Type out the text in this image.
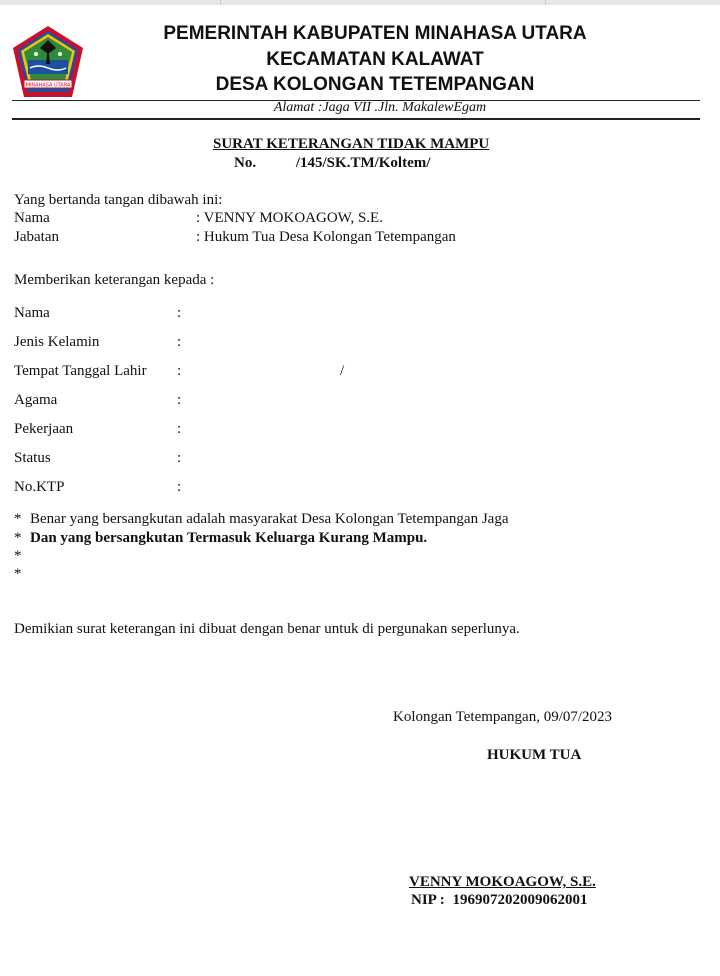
MINAHASA UTARA
PEMERINTAH KABUPATEN MINAHASA UTARA
KECAMATAN KALAWAT
DESA KOLONGAN TETEMPANGAN
Alamat :Jaga VII .Jln. MakalewEgam
SURAT KETERANGAN TIDAK MAMPU
No.	/145/SK.TM/Koltem/
Yang bertanda tangan dibawah ini:
Nama	: VENNY MOKOAGOW, S.E.
Jabatan	: Hukum Tua Desa Kolongan Tetempangan
Memberikan keterangan kepada :
Nama	:
Jenis Kelamin	:
Tempat Tanggal Lahir :	/
Agama	:
Pekerjaan	:
Status	:
No.KTP	:
* Benar yang bersangkutan adalah masyarakat Desa Kolongan Tetempangan Jaga
* Dan yang bersangkutan Termasuk Keluarga Kurang Mampu.
*
*
Demikian surat keterangan ini dibuat dengan benar untuk di pergunakan seperlunya.
Kolongan Tetempangan, 09/07/2023
HUKUM TUA
VENNY MOKOAGOW, S.E.
NIP : 196907202009062001
